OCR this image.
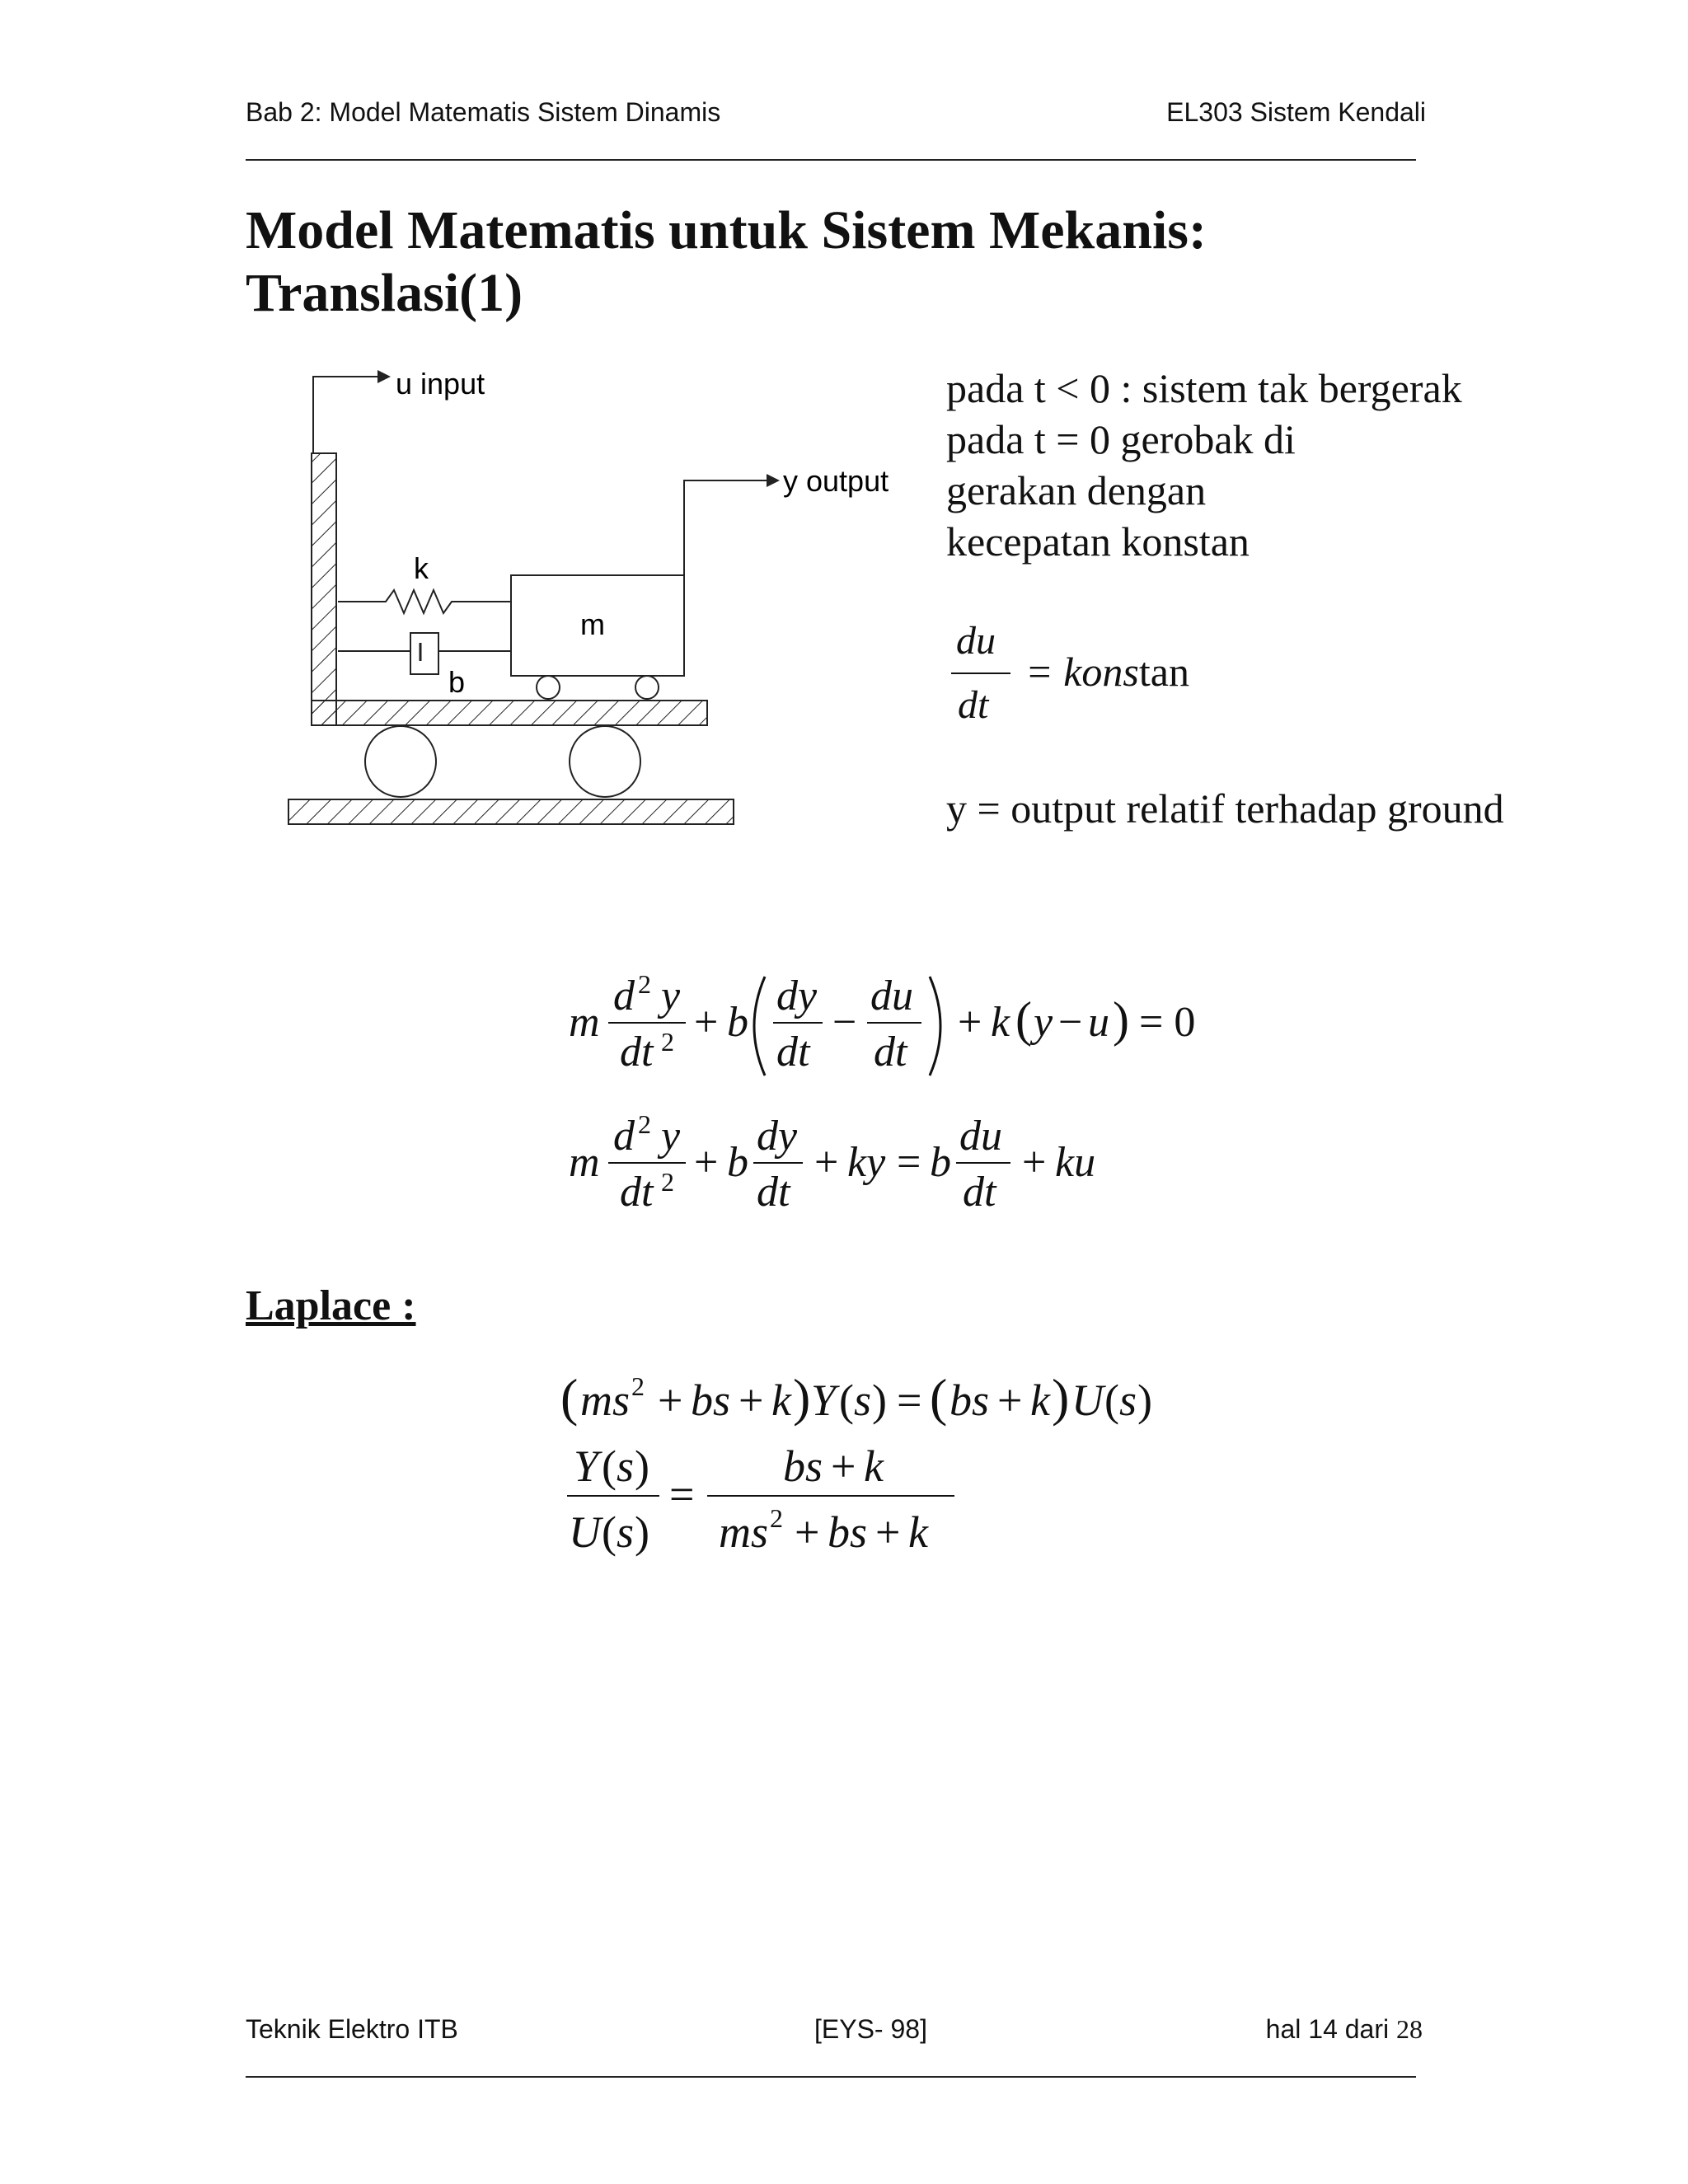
Bab 2: Model Matematis Sistem Dinamis	EL303 Sistem Kendali
Model Matematis untuk Sistem Mekanis: Translasi(1)
u input
k
b
m
y output
pada t < 0 : sistem tak bergerak
pada t = 0 gerobak di gerakan dengan
kecepatan konstan
du
dt
= konstan
y = output relatif terhadap ground
m
d 2 y
dt 2 + b
dy
dt
−
du
dt
+ k ( y − u ) = 0
m
d 2 y
dt 2 + b
dy
dt
+ ky = b
du
dt
+ ku
Laplace :
( ms 2 + bs + k ) Y ( s ) = ( bs + k ) U ( s )
Y ( s )
U ( s )
=
bs + k
ms 2 + bs + k
Teknik Elektro ITB	[EYS- 98]	hal 14 dari 28
